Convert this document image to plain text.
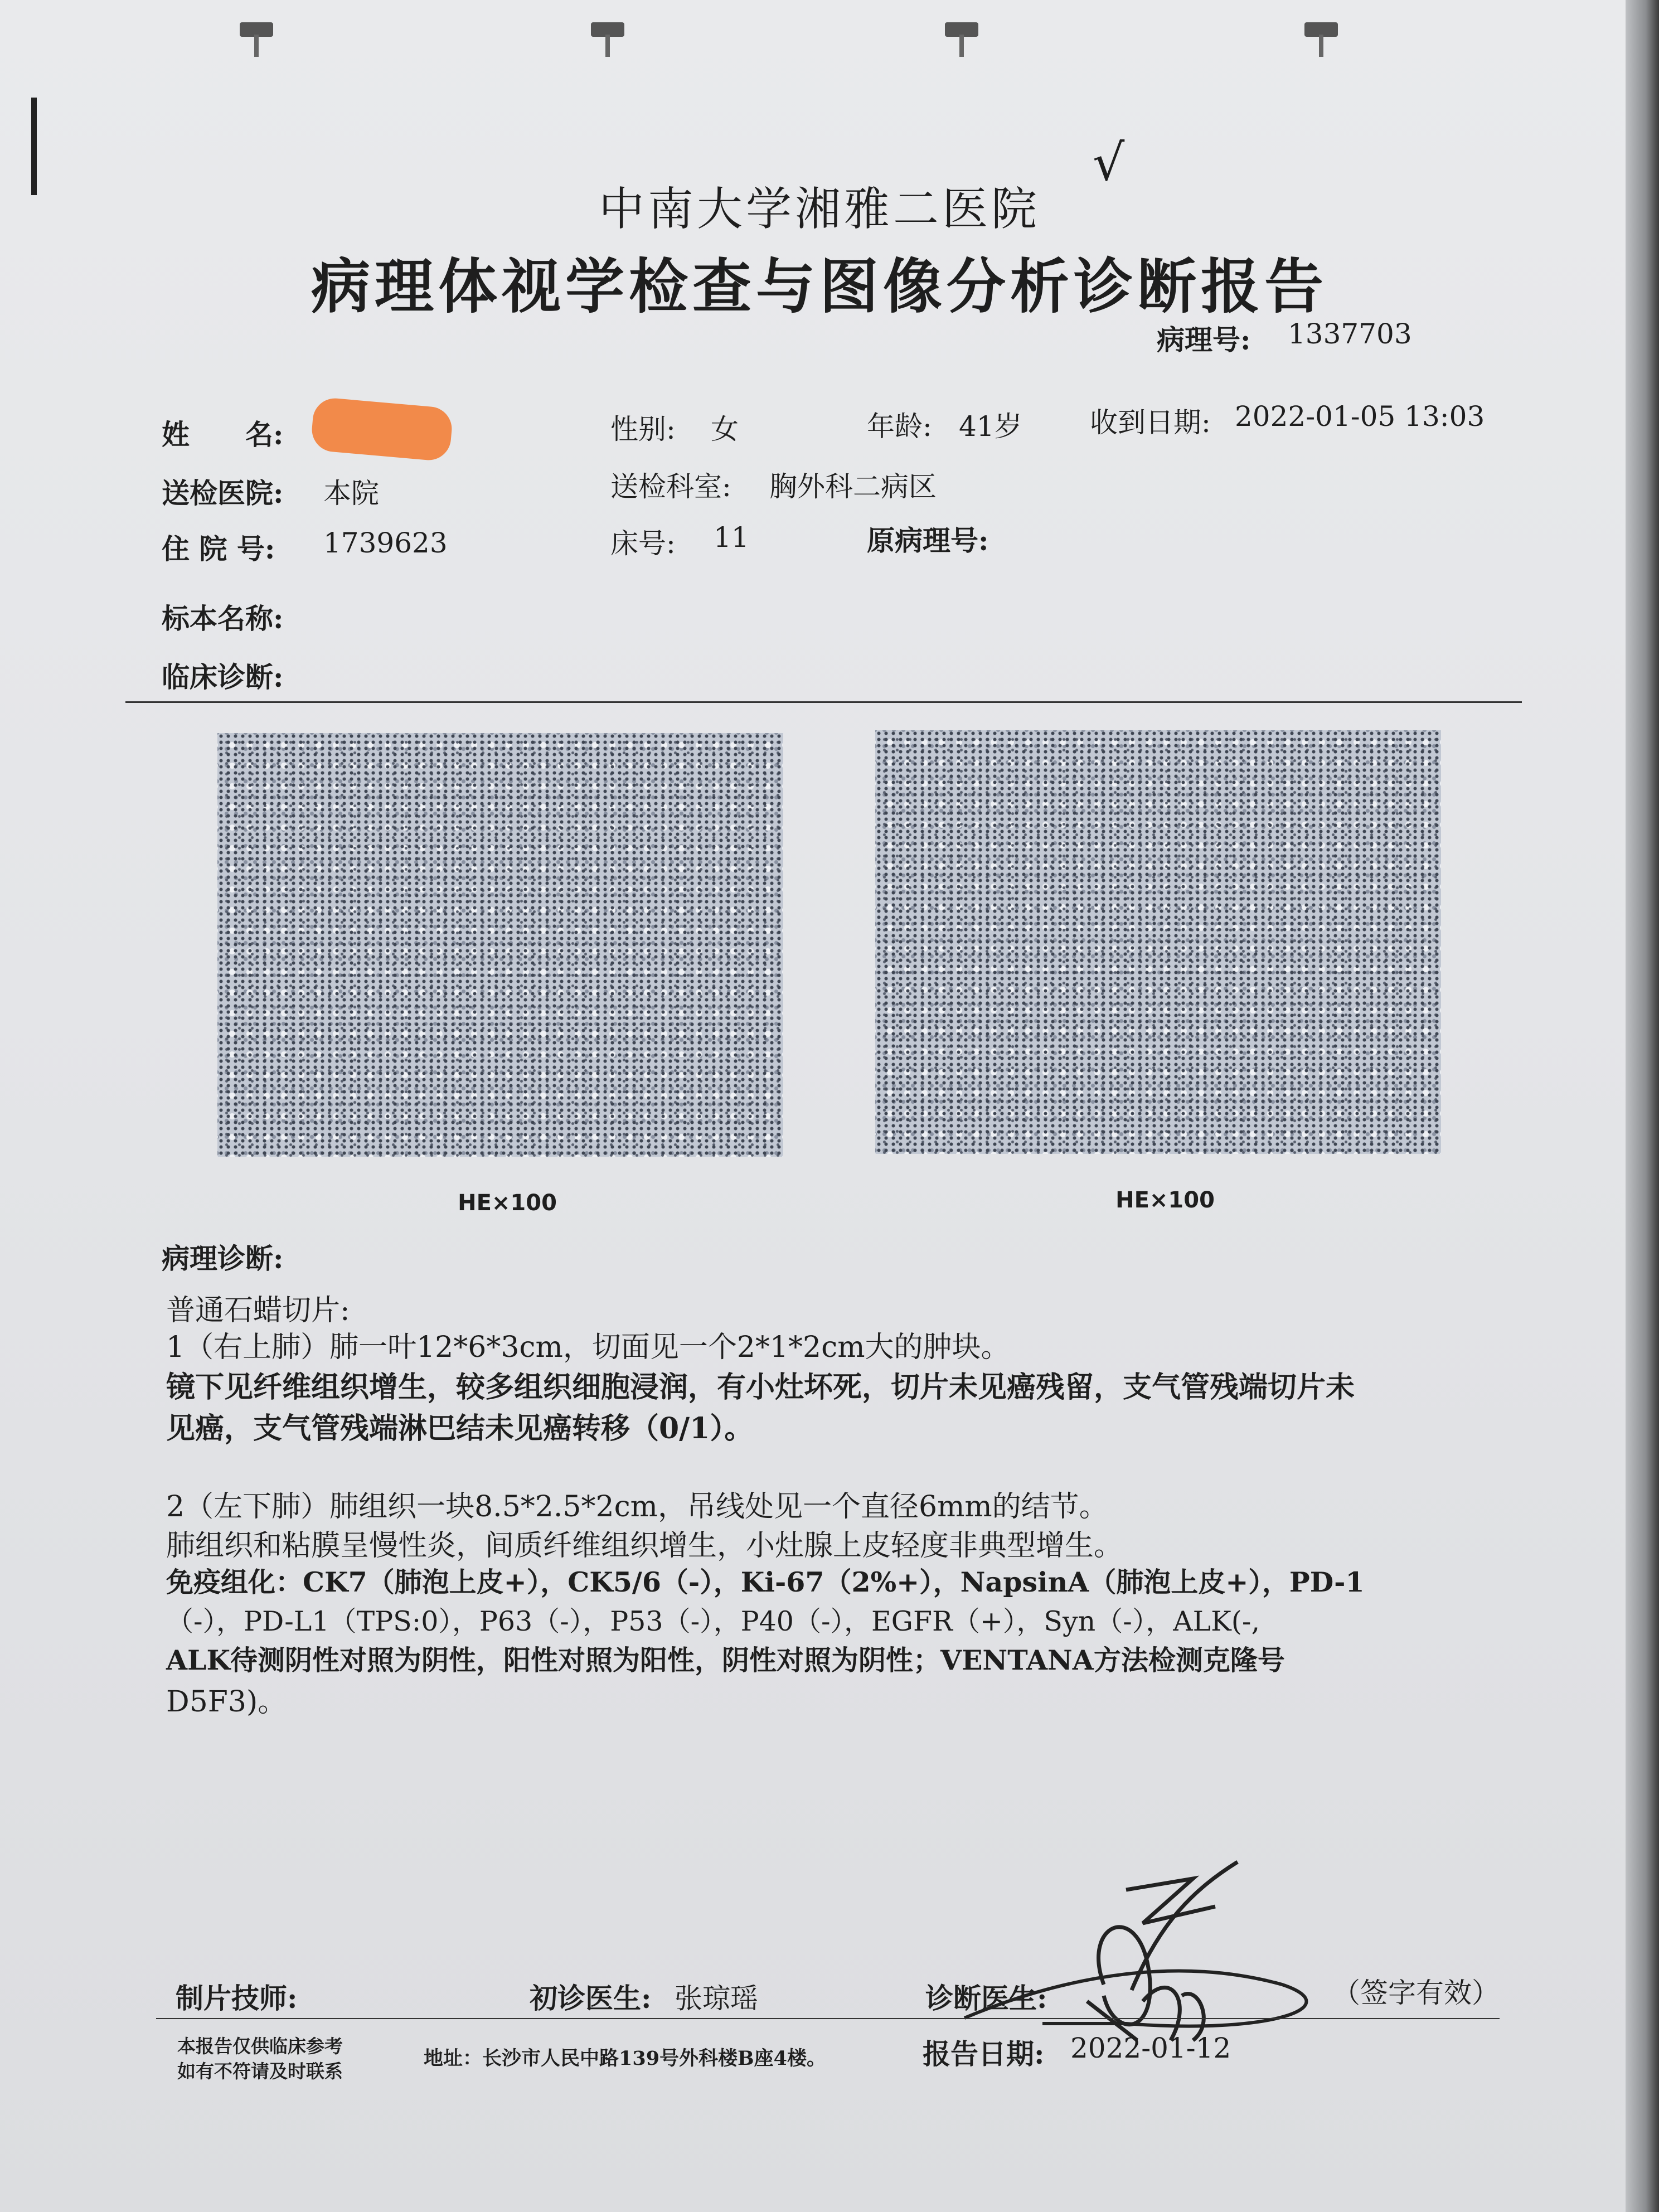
中南大学湘雅二医院
√
病理体视学检查与图像分析诊断报告
病理号: 1337703
姓　　名:	性别: 女	年龄: 41岁 收到日期: 2022-01-05 13:03
送检医院: 本院	送检科室: 胸外科二病区
住 院 号: 1739623	床号: 11	原病理号:
标本名称:
临床诊断:
HE×100	HE×100
病理诊断:
普通石蜡切片:
1（右上肺）肺一叶12*6*3cm，切面见一个2*1*2cm大的肿块。
镜下见纤维组织增生，较多组织细胞浸润，有小灶坏死，切片未见癌残留，支气管残端切片未
见癌，支气管残端淋巴结未见癌转移（0/1）。
2（左下肺）肺组织一块8.5*2.5*2cm，吊线处见一个直径6mm的结节。
肺组织和粘膜呈慢性炎，间质纤维组织增生，小灶腺上皮轻度非典型增生。
免疫组化：CK7（肺泡上皮+），CK5/6（-），Ki-67（2%+），NapsinA（肺泡上皮+），PD-1
（-），PD-L1（TPS:0），P63（-），P53（-），P40（-），EGFR（+），Syn（-），ALK(-,
ALK待测阴性对照为阴性，阳性对照为阳性，阴性对照为阴性；VENTANA方法检测克隆号
D5F3)。
制片技师:	初诊医生: 张琼瑶	诊断医生:	（签字有效）
本报告仅供临床参考
如有不符请及时联系
地址：长沙市人民中路139号外科楼B座4楼。	报告日期: 2022-01-12
